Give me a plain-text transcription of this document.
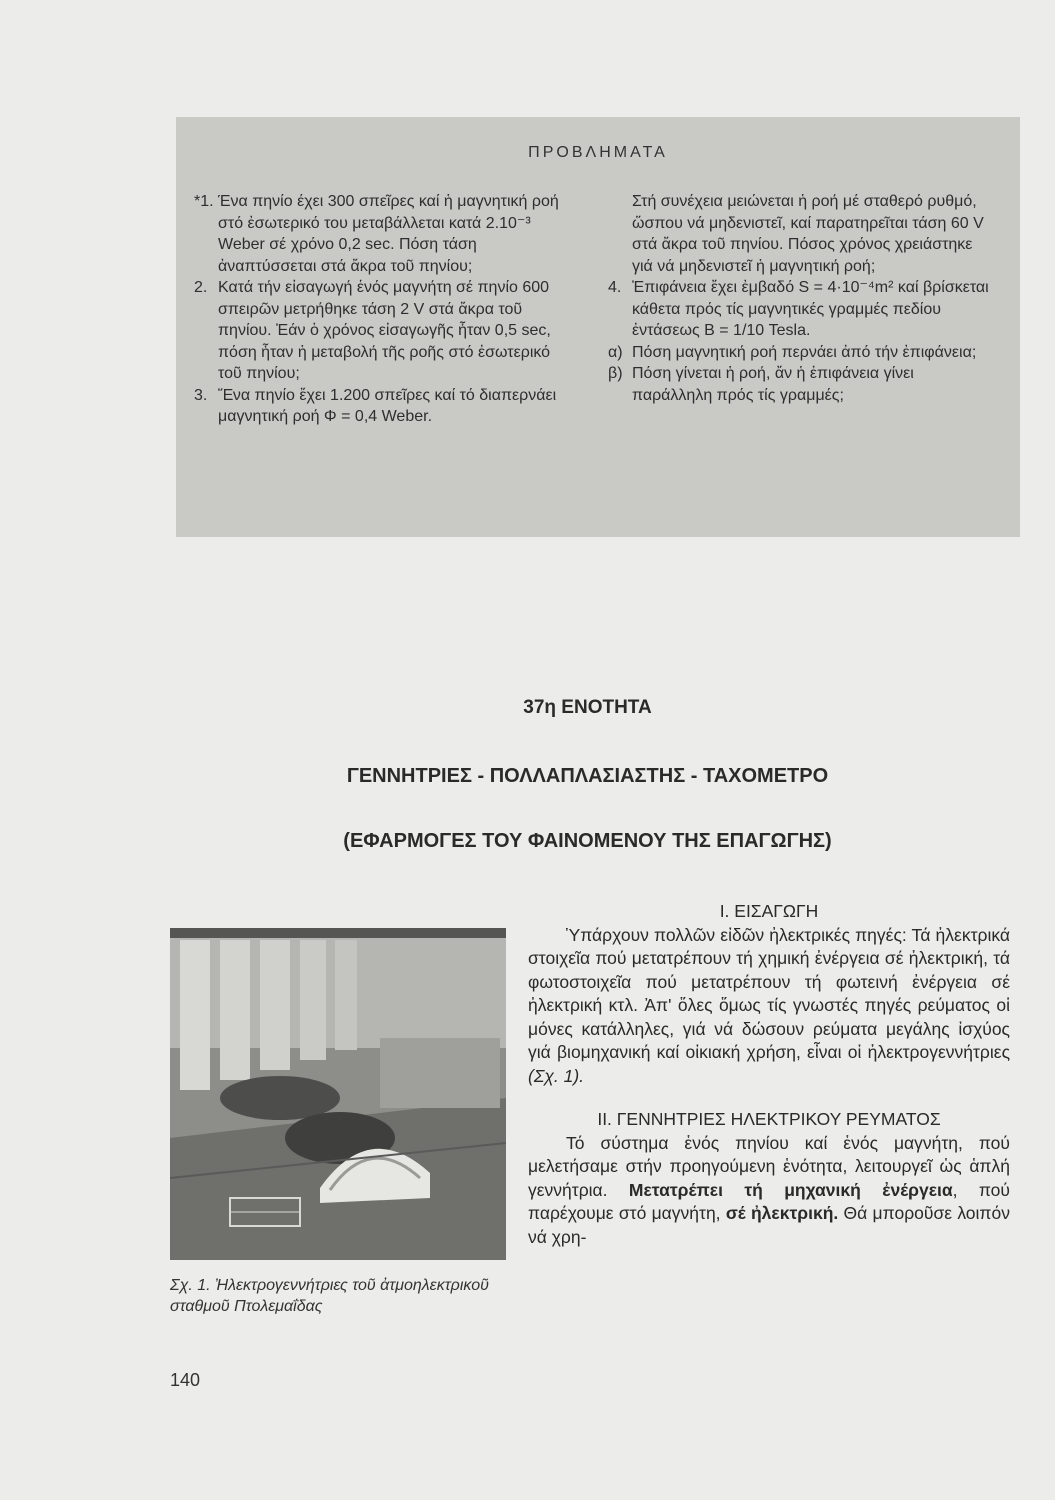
ΠΡΟΒΛΗΜΑΤΑ

*1. Ένα πηνίο έχει 300 σπεῖρες καί ἡ μαγνητική ροή στό ἐσωτερικό του μεταβάλλεται κατά 2.10⁻³ Weber σέ χρόνο 0,2 sec. Πόση τάση ἀναπτύσσεται στά ἄκρα τοῦ πηνίου;

2. Κατά τήν εἰσαγωγή ἑνός μαγνήτη σέ πηνίο 600 σπειρῶν μετρήθηκε τάση 2 V στά ἄκρα τοῦ πηνίου. Ἐάν ὁ χρόνος εἰσαγωγῆς ἦταν 0,5 sec, πόση ἦταν ἡ μεταβολή τῆς ροῆς στό ἐσωτερικό τοῦ πηνίου;

3. Ἕνα πηνίο ἔχει 1.200 σπεῖρες καί τό διαπερνάει μαγνητική ροή Φ = 0,4 Weber.

Στή συνέχεια μειώνεται ἡ ροή μέ σταθερό ρυθμό, ὥσπου νά μηδενιστεῖ, καί παρατηρεῖται τάση 60 V στά ἄκρα τοῦ πηνίου. Πόσος χρόνος χρειάστηκε γιά νά μηδενιστεῖ ἡ μαγνητική ροή;

4. Ἐπιφάνεια ἔχει ἐμβαδό S = 4·10⁻⁴m² καί βρίσκεται κάθετα πρός τίς μαγνητικές γραμμές πεδίου ἐντάσεως Β = 1/10 Tesla.

α) Πόση μαγνητική ροή περνάει ἀπό τήν ἐπιφάνεια;

β) Πόση γίνεται ἡ ροή, ἄν ἡ ἐπιφάνεια γίνει παράλληλη πρός τίς γραμμές;

37η ΕΝΟΤΗΤΑ
ΓΕΝΝΗΤΡΙΕΣ - ΠΟΛΛΑΠΛΑΣΙΑΣΤΗΣ - ΤΑΧΟΜΕΤΡΟ
(ΕΦΑΡΜΟΓΕΣ ΤΟΥ ΦΑΙΝΟΜΕΝΟΥ ΤΗΣ ΕΠΑΓΩΓΗΣ)
Σχ. 1. Ἠλεκτρογεννήτριες τοῦ ἀτμοηλεκτρικοῦ σταθμοῦ Πτολεμαΐδας

Ι. ΕΙΣΑΓΩΓΗ

Ὑπάρχουν πολλῶν εἰδῶν ἠλεκτρικές πηγές: Τά ἠλεκτρικά στοιχεῖα πού μετατρέπουν τή χημική ἐνέργεια σέ ἠλεκτρική, τά φωτοστοιχεῖα πού μετατρέπουν τή φωτεινή ἐνέργεια σέ ἠλεκτρική κτλ. Ἀπ' ὅλες ὅμως τίς γνωστές πηγές ρεύματος οἱ μόνες κατάλληλες, γιά νά δώσουν ρεύματα μεγάλης ἰσχύος γιά βιομηχανική καί οἰκιακή χρήση, εἶναι οἱ ἠλεκτρογεννήτριες (Σχ. 1).

ΙΙ. ΓΕΝΝΗΤΡΙΕΣ ΗΛΕΚΤΡΙΚΟΥ ΡΕΥΜΑΤΟΣ

Τό σύστημα ἑνός πηνίου καί ἑνός μαγνήτη, πού μελετήσαμε στήν προηγούμενη ἑνότητα, λειτουργεῖ ὡς ἁπλή γεννήτρια. Μετατρέπει τή μηχανική ἐνέργεια, πού παρέχουμε στό μαγνήτη, σέ ἠλεκτρική. Θά μποροῦσε λοιπόν νά χρη-

140
